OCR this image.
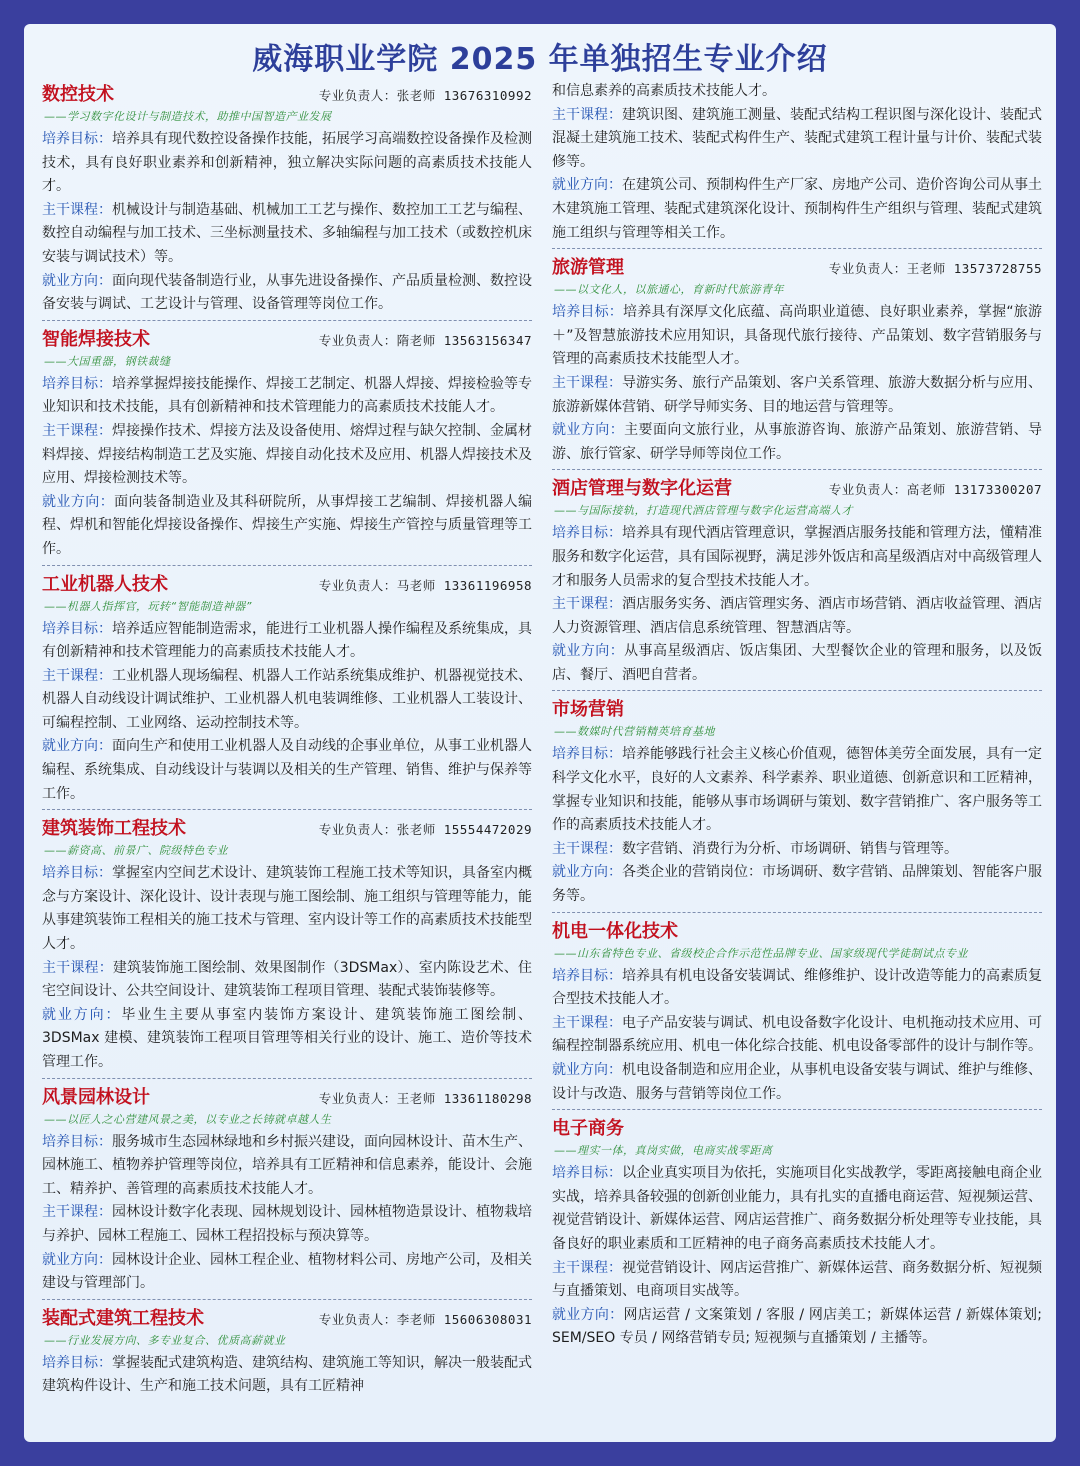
威海职业学院 2025 年单独招生专业介绍
数控技术	专业负责人：张老师 13676310992
——学习数字化设计与制造技术，助推中国智造产业发展

培养目标：培养具有现代数控设备操作技能，拓展学习高端数控设备操作及检测技术，具有良好职业素养和创新精神，独立解决实际问题的高素质技术技能人才。

主干课程：机械设计与制造基础、机械加工工艺与操作、数控加工工艺与编程、数控自动编程与加工技术、三坐标测量技术、多轴编程与加工技术（或数控机床安装与调试技术）等。

就业方向：面向现代装备制造行业，从事先进设备操作、产品质量检测、数控设备安装与调试、工艺设计与管理、设备管理等岗位工作。

智能焊接技术	专业负责人：隋老师 13563156347
——大国重器，钢铁裁缝

培养目标：培养掌握焊接技能操作、焊接工艺制定、机器人焊接、焊接检验等专业知识和技术技能，具有创新精神和技术管理能力的高素质技术技能人才。

主干课程：焊接操作技术、焊接方法及设备使用、熔焊过程与缺欠控制、金属材料焊接、焊接结构制造工艺及实施、焊接自动化技术及应用、机器人焊接技术及应用、焊接检测技术等。

就业方向：面向装备制造业及其科研院所，从事焊接工艺编制、焊接机器人编程、焊机和智能化焊接设备操作、焊接生产实施、焊接生产管控与质量管理等工作。

工业机器人技术	专业负责人：马老师 13361196958
——机器人指挥官，玩转“智能制造神器”

培养目标：培养适应智能制造需求，能进行工业机器人操作编程及系统集成，具有创新精神和技术管理能力的高素质技术技能人才。

主干课程：工业机器人现场编程、机器人工作站系统集成维护、机器视觉技术、机器人自动线设计调试维护、工业机器人机电装调维修、工业机器人工装设计、可编程控制、工业网络、运动控制技术等。

就业方向：面向生产和使用工业机器人及自动线的企事业单位，从事工业机器人编程、系统集成、自动线设计与装调以及相关的生产管理、销售、维护与保养等工作。

建筑装饰工程技术	专业负责人：张老师 15554472029
——薪资高、前景广、院级特色专业

培养目标：掌握室内空间艺术设计、建筑装饰工程施工技术等知识，具备室内概念与方案设计、深化设计、设计表现与施工图绘制、施工组织与管理等能力，能从事建筑装饰工程相关的施工技术与管理、室内设计等工作的高素质技术技能型人才。

主干课程：建筑装饰施工图绘制、效果图制作（3DSMax）、室内陈设艺术、住宅空间设计、公共空间设计、建筑装饰工程项目管理、装配式装饰装修等。

就业方向：毕业生主要从事室内装饰方案设计、建筑装饰施工图绘制、3DSMax 建模、建筑装饰工程项目管理等相关行业的设计、施工、造价等技术管理工作。

风景园林设计	专业负责人：王老师 13361180298
——以匠人之心营建风景之美，以专业之长铸就卓越人生

培养目标：服务城市生态园林绿地和乡村振兴建设，面向园林设计、苗木生产、园林施工、植物养护管理等岗位，培养具有工匠精神和信息素养，能设计、会施工、精养护、善管理的高素质技术技能人才。

主干课程：园林设计数字化表现、园林规划设计、园林植物造景设计、植物栽培与养护、园林工程施工、园林工程招投标与预决算等。

就业方向：园林设计企业、园林工程企业、植物材料公司、房地产公司，及相关建设与管理部门。

装配式建筑工程技术	专业负责人：李老师 15606308031
——行业发展方向、多专业复合、优质高薪就业

培养目标：掌握装配式建筑构造、建筑结构、建筑施工等知识，解决一般装配式建筑构件设计、生产和施工技术问题，具有工匠精神

和信息素养的高素质技术技能人才。

主干课程：建筑识图、建筑施工测量、装配式结构工程识图与深化设计、装配式混凝土建筑施工技术、装配式构件生产、装配式建筑工程计量与计价、装配式装修等。

就业方向：在建筑公司、预制构件生产厂家、房地产公司、造价咨询公司从事土木建筑施工管理、装配式建筑深化设计、预制构件生产组织与管理、装配式建筑施工组织与管理等相关工作。

旅游管理	专业负责人：王老师 13573728755
——以文化人，以旅通心，育新时代旅游青年

培养目标：培养具有深厚文化底蕴、高尚职业道德、良好职业素养，掌握“旅游＋”及智慧旅游技术应用知识，具备现代旅行接待、产品策划、数字营销服务与管理的高素质技术技能型人才。

主干课程：导游实务、旅行产品策划、客户关系管理、旅游大数据分析与应用、旅游新媒体营销、研学导师实务、目的地运营与管理等。

就业方向：主要面向文旅行业，从事旅游咨询、旅游产品策划、旅游营销、导游、旅行管家、研学导师等岗位工作。

酒店管理与数字化运营	专业负责人：高老师 13173300207
——与国际接轨，打造现代酒店管理与数字化运营高端人才

培养目标：培养具有现代酒店管理意识，掌握酒店服务技能和管理方法，懂精准服务和数字化运营，具有国际视野，满足涉外饭店和高星级酒店对中高级管理人才和服务人员需求的复合型技术技能人才。

主干课程：酒店服务实务、酒店管理实务、酒店市场营销、酒店收益管理、酒店人力资源管理、酒店信息系统管理、智慧酒店等。

就业方向：从事高星级酒店、饭店集团、大型餐饮企业的管理和服务，以及饭店、餐厅、酒吧自营者。

市场营销
——数媒时代营销精英培育基地

培养目标：培养能够践行社会主义核心价值观，德智体美劳全面发展，具有一定科学文化水平，良好的人文素养、科学素养、职业道德、创新意识和工匠精神，掌握专业知识和技能，能够从事市场调研与策划、数字营销推广、客户服务等工作的高素质技术技能人才。

主干课程：数字营销、消费行为分析、市场调研、销售与管理等。

就业方向：各类企业的营销岗位：市场调研、数字营销、品牌策划、智能客户服务等。

机电一体化技术
——山东省特色专业、省级校企合作示范性品牌专业、国家级现代学徒制试点专业

培养目标：培养具有机电设备安装调试、维修维护、设计改造等能力的高素质复合型技术技能人才。

主干课程：电子产品安装与调试、机电设备数字化设计、电机拖动技术应用、可编程控制器系统应用、机电一体化综合技能、机电设备零部件的设计与制作等。

就业方向：机电设备制造和应用企业，从事机电设备安装与调试、维护与维修、设计与改造、服务与营销等岗位工作。

电子商务
——理实一体，真岗实做，电商实战零距离

培养目标：以企业真实项目为依托，实施项目化实战教学，零距离接触电商企业实战，培养具备较强的创新创业能力，具有扎实的直播电商运营、短视频运营、视觉营销设计、新媒体运营、网店运营推广、商务数据分析处理等专业技能，具备良好的职业素质和工匠精神的电子商务高素质技术技能人才。

主干课程：视觉营销设计、网店运营推广、新媒体运营、商务数据分析、短视频与直播策划、电商项目实战等。

就业方向：网店运营 / 文案策划 / 客服 / 网店美工；新媒体运营 / 新媒体策划; SEM/SEO 专员 / 网络营销专员; 短视频与直播策划 / 主播等。
